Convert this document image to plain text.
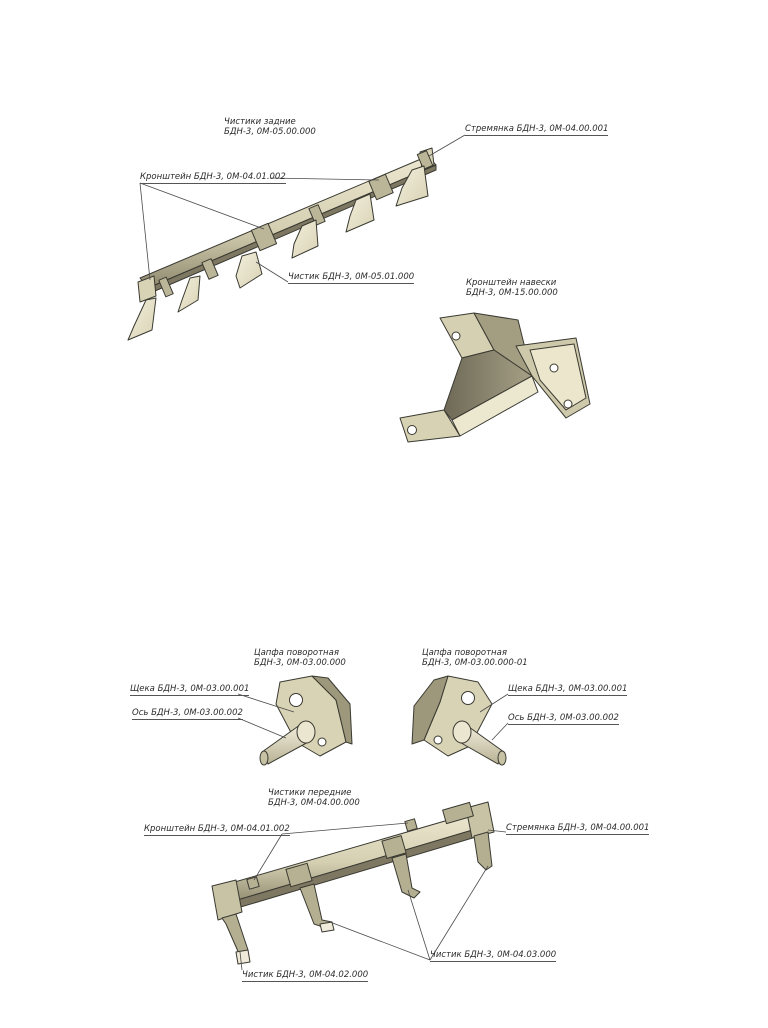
Чистики задние
БДН-3, 0М-05.00.000	Стремянка БДН-3, 0М-04.00.001
Кронштейн БДН-3, 0М-04.01.002
Чистик БДН-3, 0М-05.01.000
Кронштейн навески
БДН-3, 0М-15.00.000
Цапфа поворотная
БДН-3, 0М-03.00.000
Щека БДН-3, 0М-03.00.001
Ось БДН-3, 0М-03.00.002
Цапфа поворотная
БДН-3, 0М-03.00.000-01
Щека БДН-3, 0М-03.00.001
Ось БДН-3, 0М-03.00.002
Чистики передние
БДН-3, 0М-04.00.000
Кронштейн БДН-3, 0М-04.01.002	Стремянка БДН-3, 0М-04.00.001
Чистик БДН-3, 0М-04.03.000
Чистик БДН-3, 0М-04.02.000
